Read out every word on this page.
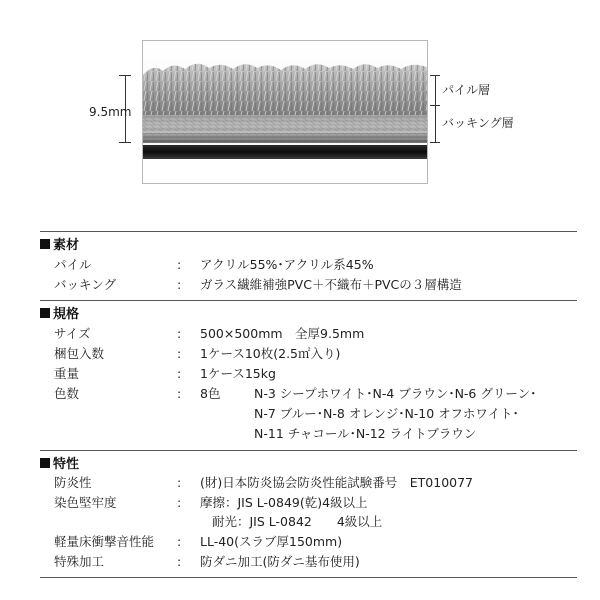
9.5mm
パイル層
バッキング層
素材
パイル	: アクリル55%･アクリル系45%
バッキング	: ガラス繊維補強PVC＋不織布＋PVCの３層構造
規格
サイズ	: 500×500mm　全厚9.5mm
梱包入数	: 1ケース10枚(2.5㎡入り)
重量	: 1ケース15kg
色数	: 8色	N-3 シープホワイト･N-4 ブラウン･N-6 グリーン･
N-7 ブルー･N-8 オレンジ･N-10 オフホワイト･
N-11 チャコール･N-12 ライトブラウン
特性
防炎性	: (財)日本防炎協会防炎性能試験番号　ET010077
染色堅牢度	: 摩擦：JIS L-0849(乾)4級以上
耐光：JIS L-0842　　4級以上
軽量床衝撃音性能 : LL-40(スラブ厚150mm)
特殊加工	: 防ダニ加工(防ダニ基布使用)
